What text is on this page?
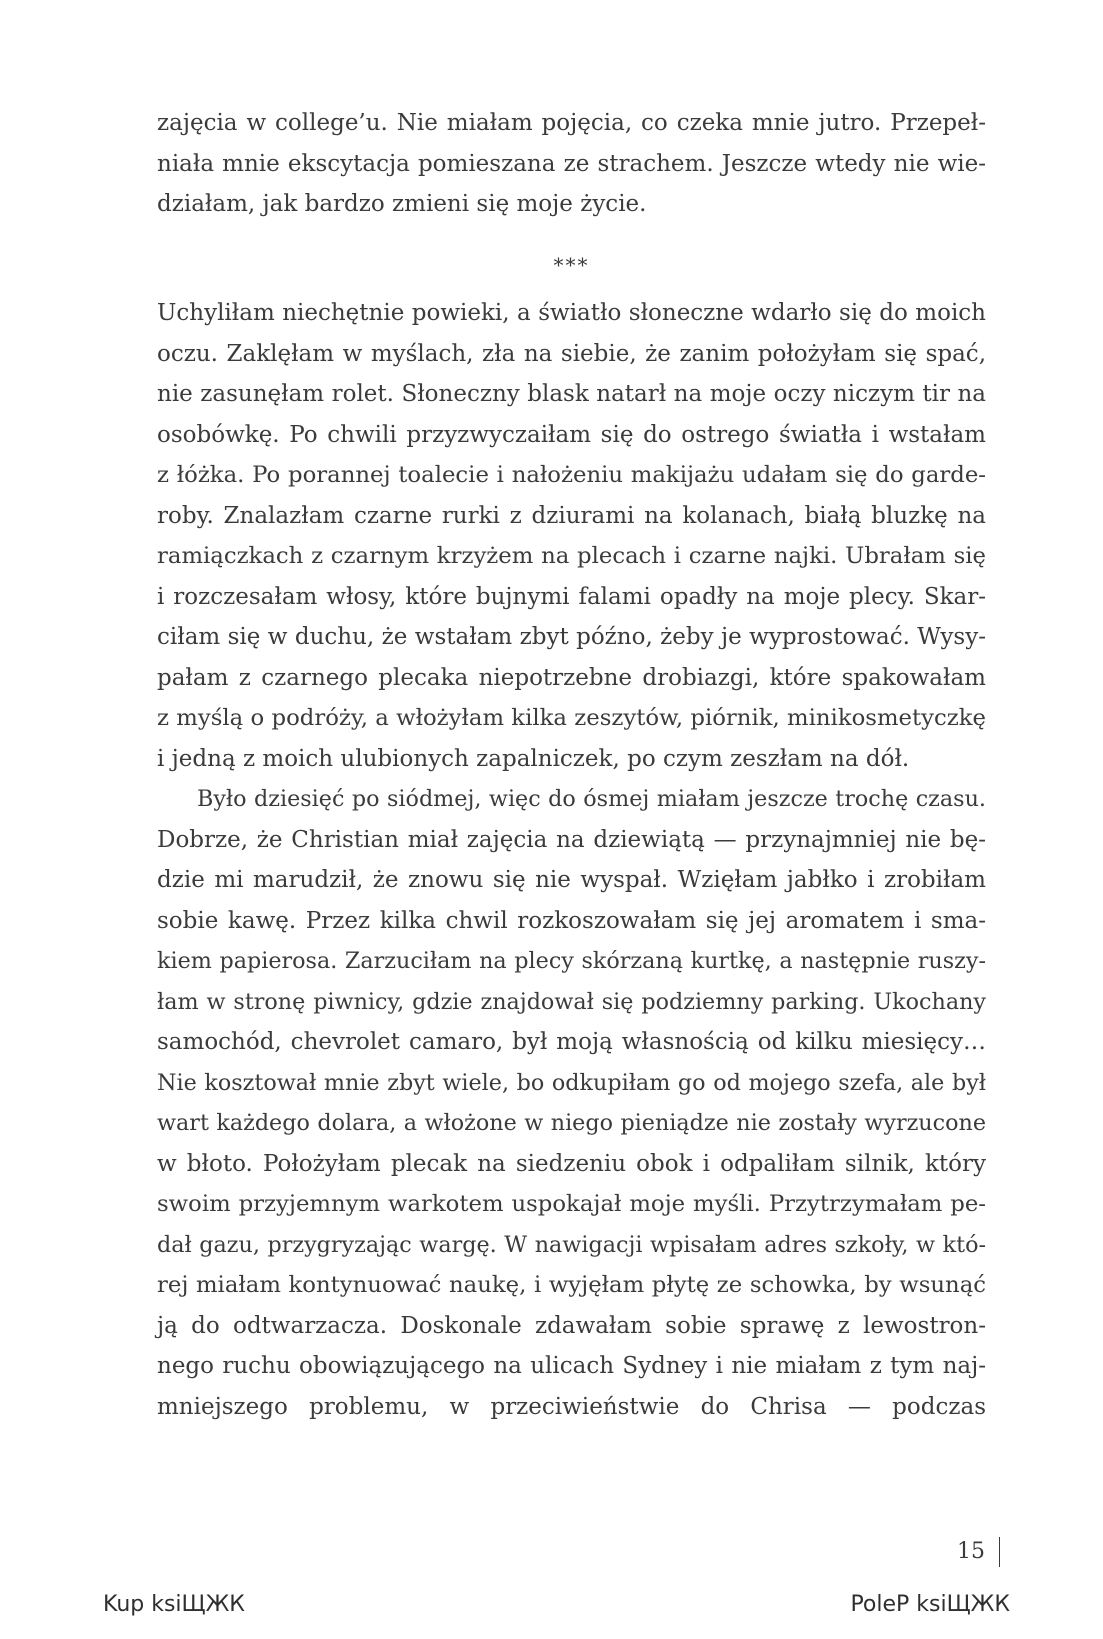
zajęcia w college’u. Nie miałam pojęcia, co czeka mnie jutro. Przepeł-
niała mnie ekscytacja pomieszana ze strachem. Jeszcze wtedy nie wie-
działam, jak bardzo zmieni się moje życie.
***
Uchyliłam niechętnie powieki, a światło słoneczne wdarło się do moich
oczu. Zaklęłam w myślach, zła na siebie, że zanim położyłam się spać,
nie zasunęłam rolet. Słoneczny blask natarł na moje oczy niczym tir na
osobówkę. Po chwili przyzwyczaiłam się do ostrego światła i wstałam
z łóżka. Po porannej toalecie i nałożeniu makijażu udałam się do garde-
roby. Znalazłam czarne rurki z dziurami na kolanach, białą bluzkę na
ramiączkach z czarnym krzyżem na plecach i czarne najki. Ubrałam się
i rozczesałam włosy, które bujnymi falami opadły na moje plecy. Skar-
ciłam się w duchu, że wstałam zbyt późno, żeby je wyprostować. Wysy-
pałam z czarnego plecaka niepotrzebne drobiazgi, które spakowałam
z myślą o podróży, a włożyłam kilka zeszytów, piórnik, minikosmetyczkę
i jedną z moich ulubionych zapalniczek, po czym zeszłam na dół.
Było dziesięć po siódmej, więc do ósmej miałam jeszcze trochę czasu.
Dobrze, że Christian miał zajęcia na dziewiątą — przynajmniej nie bę-
dzie mi marudził, że znowu się nie wyspał. Wzięłam jabłko i zrobiłam
sobie kawę. Przez kilka chwil rozkoszowałam się jej aromatem i sma-
kiem papierosa. Zarzuciłam na plecy skórzaną kurtkę, a następnie ruszy-
łam w stronę piwnicy, gdzie znajdował się podziemny parking. Ukochany
samochód, chevrolet camaro, był moją własnością od kilku miesięcy…
Nie kosztował mnie zbyt wiele, bo odkupiłam go od mojego szefa, ale był
wart każdego dolara, a włożone w niego pieniądze nie zostały wyrzucone
w błoto. Położyłam plecak na siedzeniu obok i odpaliłam silnik, który
swoim przyjemnym warkotem uspokajał moje myśli. Przytrzymałam pe-
dał gazu, przygryzając wargę. W nawigacji wpisałam adres szkoły, w któ-
rej miałam kontynuować naukę, i wyjęłam płytę ze schowka, by wsunąć
ją do odtwarzacza. Doskonale zdawałam sobie sprawę z lewostron-
nego ruchu obowiązującego na ulicach Sydney i nie miałam z tym naj-
mniejszego problemu, w przeciwieństwie do Chrisa — podczas
15
Kup ksiЩЖК	PoleР ksiЩЖК
